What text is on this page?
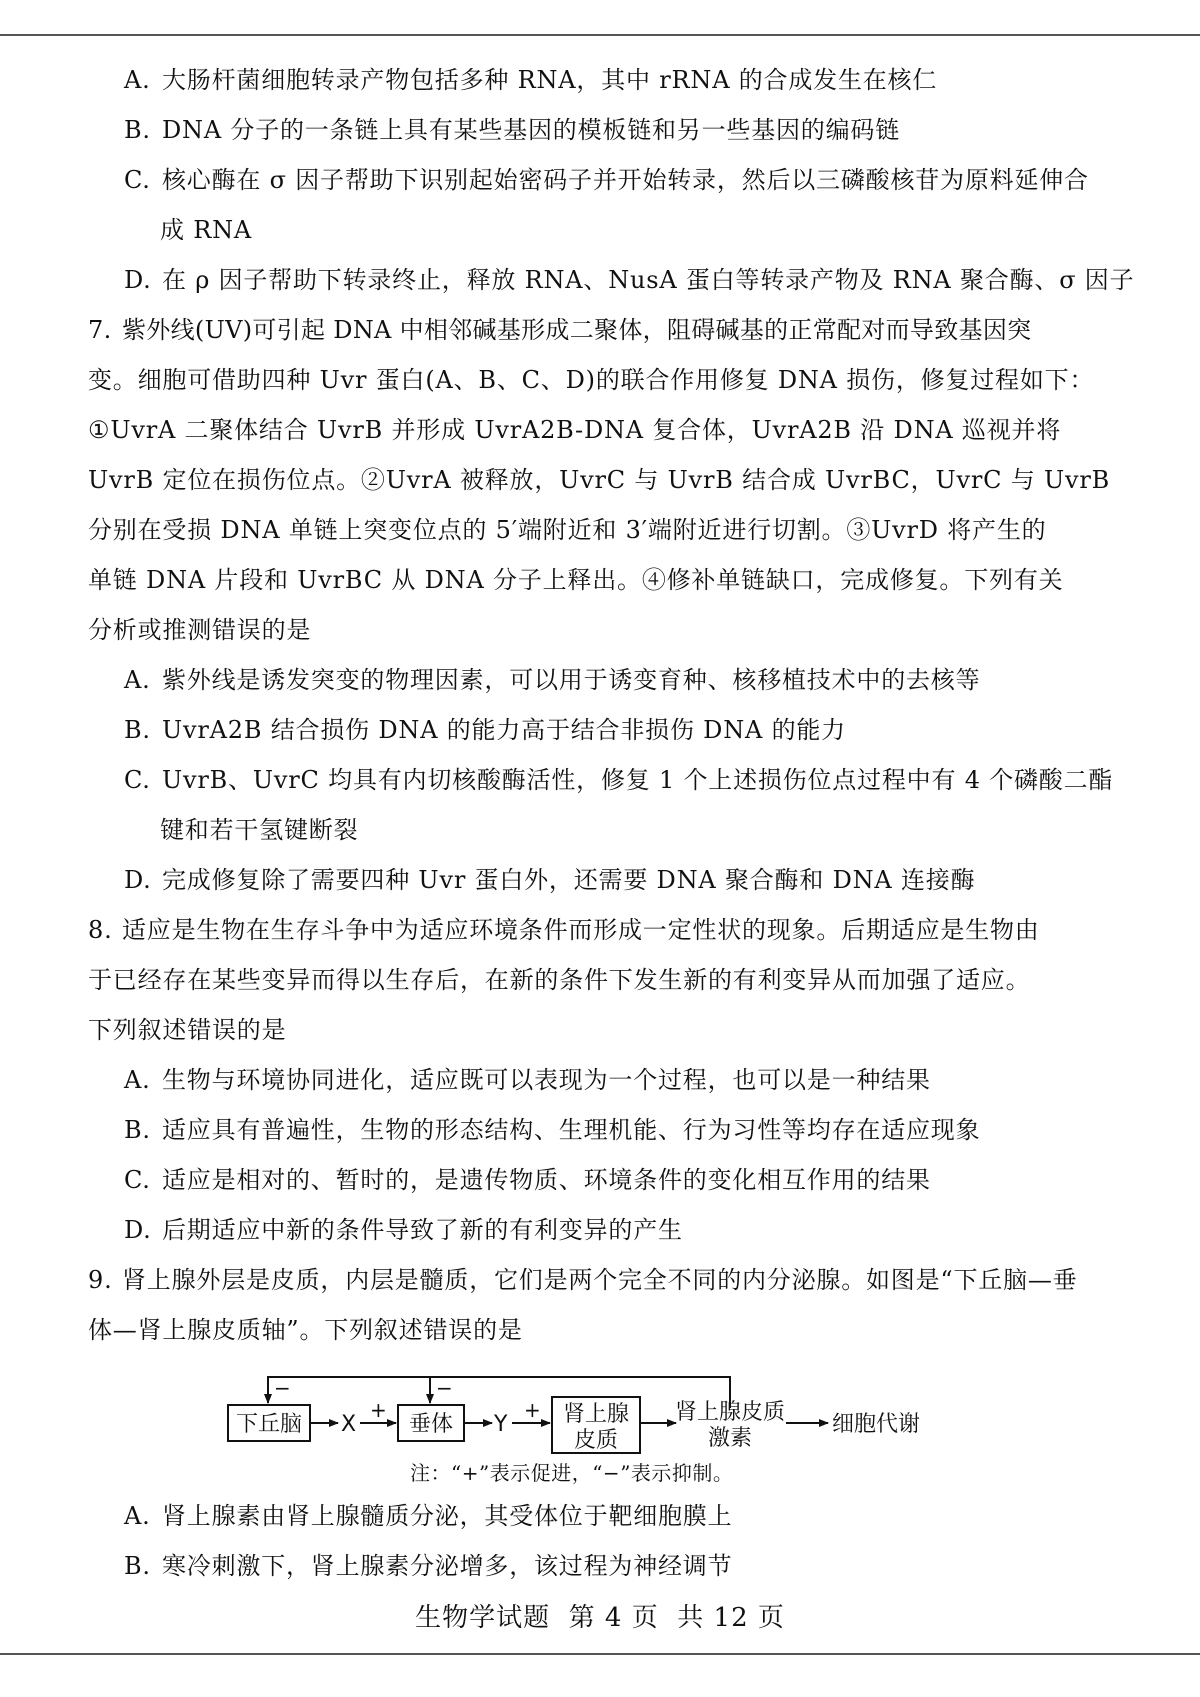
A. 大肠杆菌细胞转录产物包括多种 RNA，其中 rRNA 的合成发生在核仁
B. DNA 分子的一条链上具有某些基因的模板链和另一些基因的编码链
C. 核心酶在 σ 因子帮助下识别起始密码子并开始转录，然后以三磷酸核苷为原料延伸合
成 RNA
D. 在 ρ 因子帮助下转录终止，释放 RNA、NusA 蛋白等转录产物及 RNA 聚合酶、σ 因子
7. 紫外线(UV)可引起 DNA 中相邻碱基形成二聚体，阻碍碱基的正常配对而导致基因突
变。细胞可借助四种 Uvr 蛋白(A、B、C、D)的联合作用修复 DNA 损伤，修复过程如下：
①UvrA 二聚体结合 UvrB 并形成 UvrA2B-DNA 复合体，UvrA2B 沿 DNA 巡视并将
UvrB 定位在损伤位点。②UvrA 被释放，UvrC 与 UvrB 结合成 UvrBC，UvrC 与 UvrB
分别在受损 DNA 单链上突变位点的 5′端附近和 3′端附近进行切割。③UvrD 将产生的
单链 DNA 片段和 UvrBC 从 DNA 分子上释出。④修补单链缺口，完成修复。下列有关
分析或推测错误的是
A. 紫外线是诱发突变的物理因素，可以用于诱变育种、核移植技术中的去核等
B. UvrA2B 结合损伤 DNA 的能力高于结合非损伤 DNA 的能力
C. UvrB、UvrC 均具有内切核酸酶活性，修复 1 个上述损伤位点过程中有 4 个磷酸二酯
键和若干氢键断裂
D. 完成修复除了需要四种 Uvr 蛋白外，还需要 DNA 聚合酶和 DNA 连接酶
8. 适应是生物在生存斗争中为适应环境条件而形成一定性状的现象。后期适应是生物由
于已经存在某些变异而得以生存后，在新的条件下发生新的有利变异从而加强了适应。
下列叙述错误的是
A. 生物与环境协同进化，适应既可以表现为一个过程，也可以是一种结果
B. 适应具有普遍性，生物的形态结构、生理机能、行为习性等均存在适应现象
C. 适应是相对的、暂时的，是遗传物质、环境条件的变化相互作用的结果
D. 后期适应中新的条件导致了新的有利变异的产生
9. 肾上腺外层是皮质，内层是髓质，它们是两个完全不同的内分泌腺。如图是“下丘脑—垂
体—肾上腺皮质轴”。下列叙述错误的是
−	−
下丘脑	垂体	肾上腺
皮质
X
+
Y
+	肾上腺皮质
激素
细胞代谢
注：“+”表示促进，“−”表示抑制。
A. 肾上腺素由肾上腺髓质分泌，其受体位于靶细胞膜上
B. 寒冷刺激下，肾上腺素分泌增多，该过程为神经调节
生物学试题 第 4 页 共 12 页
